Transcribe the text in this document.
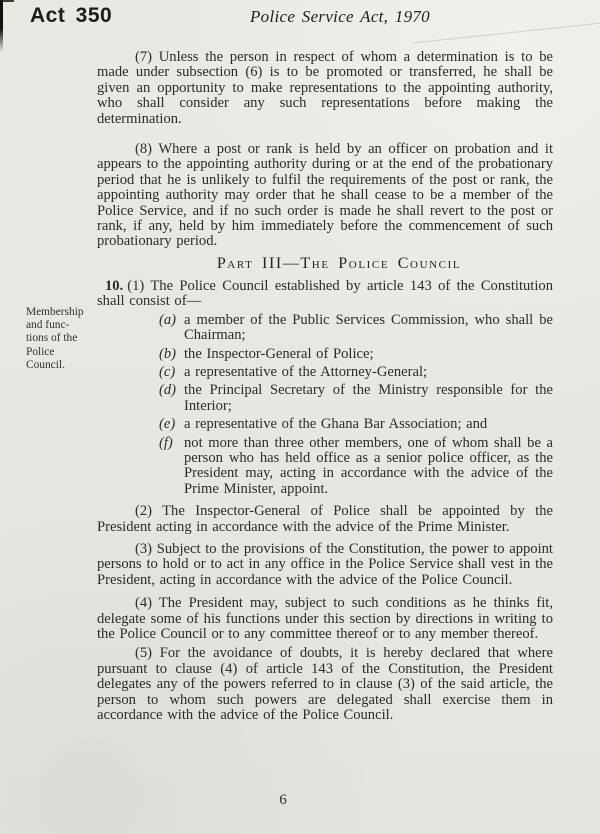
Act 350	Police Service Act, 1970
Membership
and func-
tions of the
Police
Council.

(7) Unless the person in respect of whom a determination is to be made under subsection (6) is to be promoted or transferred, he shall be given an opportunity to make representations to the appointing authority, who shall consider any such representations before making the determination.

(8) Where a post or rank is held by an officer on probation and it appears to the appointing authority during or at the end of the probationary period that he is unlikely to fulfil the requirements of the post or rank, the appointing authority may order that he shall cease to be a member of the Police Service, and if no such order is made he shall revert to the post or rank, if any, held by him immediately before the commencement of such probationary period.

Part III—The Police Council

10. (1) The Police Council established by article 143 of the Constitution shall consist of—

(a) a member of the Public Services Commission, who shall be Chairman;
(b) the Inspector-General of Police;
(c) a representative of the Attorney-General;
(d) the Principal Secretary of the Ministry responsible for the Interior;
(e) a representative of the Ghana Bar Association; and
(f) not more than three other members, one of whom shall be a person who has held office as a senior police officer, as the President may, acting in accordance with the advice of the Prime Minister, appoint.

(2) The Inspector-General of Police shall be appointed by the President acting in accordance with the advice of the Prime Minister.

(3) Subject to the provisions of the Constitution, the power to appoint persons to hold or to act in any office in the Police Service shall vest in the President, acting in accordance with the advice of the Police Council.

(4) The President may, subject to such conditions as he thinks fit, delegate some of his functions under this section by directions in writing to the Police Council or to any committee thereof or to any member thereof.

(5) For the avoidance of doubts, it is hereby declared that where pursuant to clause (4) of article 143 of the Constitution, the President delegates any of the powers referred to in clause (3) of the said article, the person to whom such powers are delegated shall exercise them in accordance with the advice of the Police Council.

6
